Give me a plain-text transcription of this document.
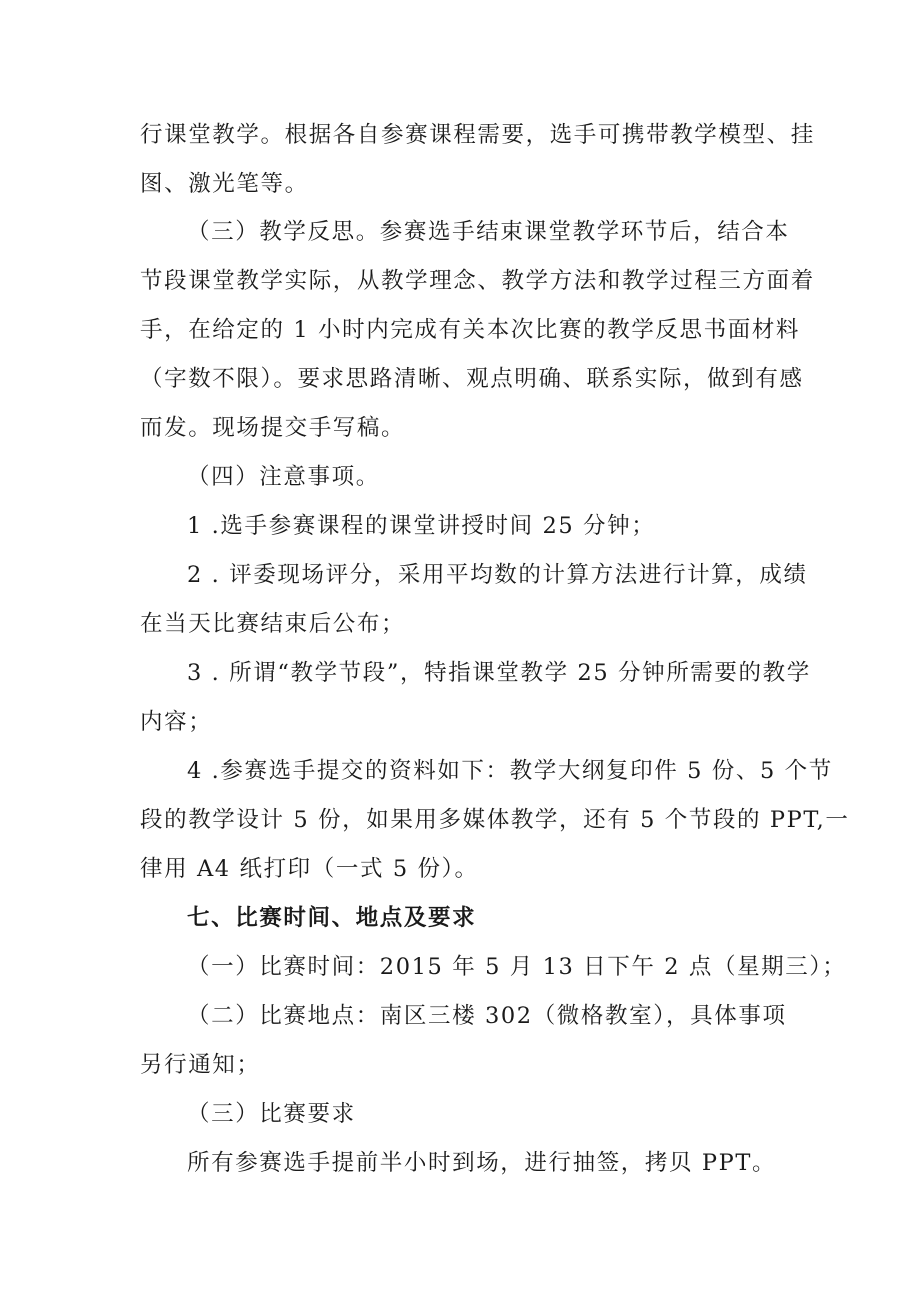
行课堂教学。根据各自参赛课程需要，选手可携带教学模型、挂
图、激光笔等。
（三）教学反思。参赛选手结束课堂教学环节后，结合本
节段课堂教学实际，从教学理念、教学方法和教学过程三方面着
手，在给定的 1 小时内完成有关本次比赛的教学反思书面材料
（字数不限）。要求思路清晰、观点明确、联系实际，做到有感
而发。现场提交手写稿。
（四）注意事项。
1 .选手参赛课程的课堂讲授时间 25 分钟；
2 . 评委现场评分，采用平均数的计算方法进行计算，成绩
在当天比赛结束后公布；
3 . 所谓“教学节段”，特指课堂教学 25 分钟所需要的教学
内容；
4 .参赛选手提交的资料如下：教学大纲复印件 5 份、5 个节
段的教学设计 5 份，如果用多媒体教学，还有 5 个节段的 PPT,一
律用 A4 纸打印（一式 5 份）。
七、比赛时间、地点及要求
（一）比赛时间：2015 年 5 月 13 日下午 2 点（星期三）；
（二）比赛地点：南区三楼 302（微格教室），具体事项
另行通知；
（三）比赛要求
所有参赛选手提前半小时到场，进行抽签，拷贝 PPT。
